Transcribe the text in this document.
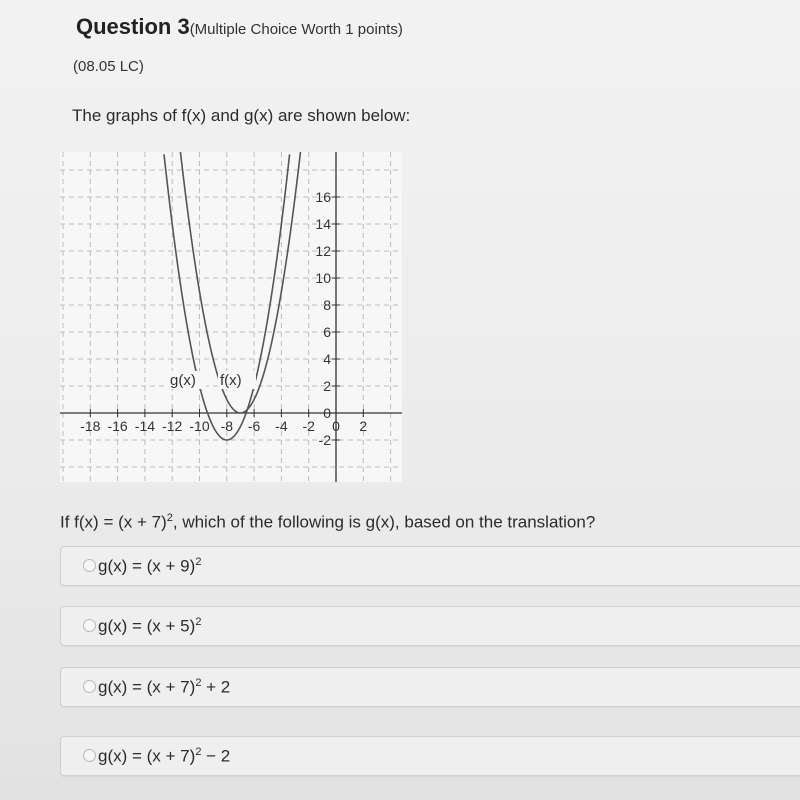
Question 3(Multiple Choice Worth 1 points)
(08.05 LC)
The graphs of f(x) and g(x) are shown below:
-18 -16 -14 -12 -10 -8 -6 -4 -2 0 2
16
14
12
10
8
6
4
2
0
-2
g(x) f(x)
If $f(x) = (x + 7)^2$, which of the following is g(x), based on the translation?
$g(x) = (x + 9)^2$
$g(x) = (x + 5)^2$
$g(x) = (x + 7)^2 + 2$
$g(x) = (x + 7)^2 - 2$
